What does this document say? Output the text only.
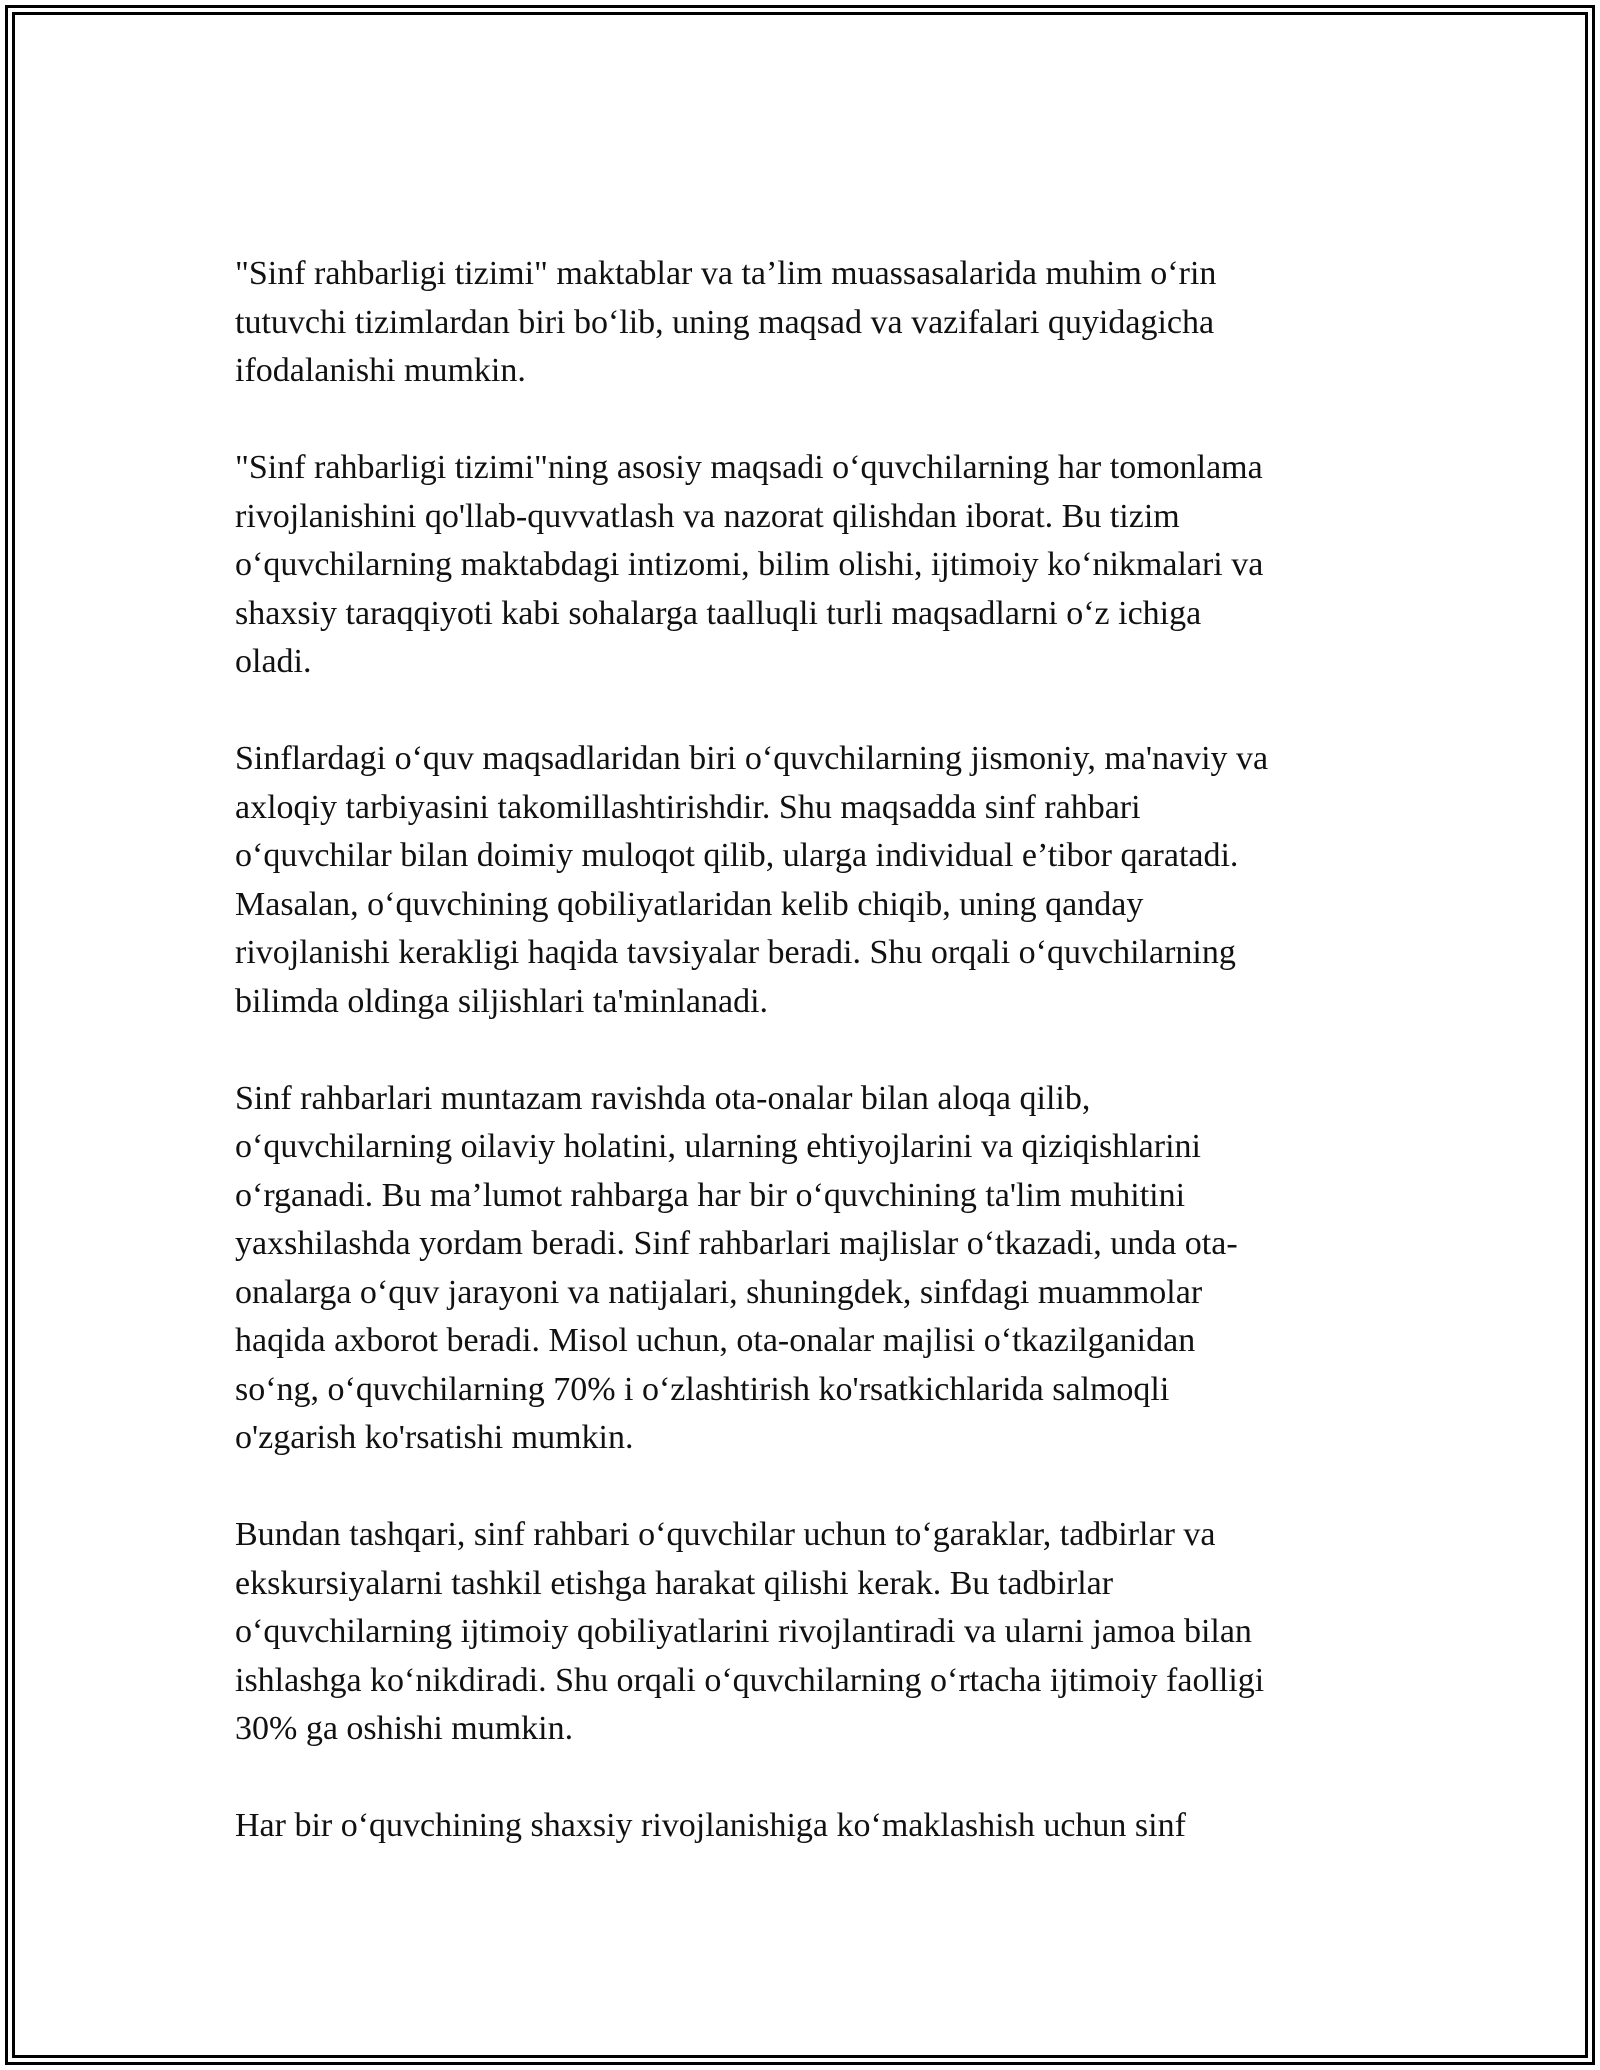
"Sinf rahbarligi tizimi" maktablar va ta’lim muassasalarida muhim o‘rin
tutuvchi tizimlardan biri bo‘lib, uning maqsad va vazifalari quyidagicha
ifodalanishi mumkin.

"Sinf rahbarligi tizimi"ning asosiy maqsadi o‘quvchilarning har tomonlama
rivojlanishini qo'llab-quvvatlash va nazorat qilishdan iborat. Bu tizim
o‘quvchilarning maktabdagi intizomi, bilim olishi, ijtimoiy ko‘nikmalari va
shaxsiy taraqqiyoti kabi sohalarga taalluqli turli maqsadlarni o‘z ichiga
oladi.

Sinflardagi o‘quv maqsadlaridan biri o‘quvchilarning jismoniy, ma'naviy va
axloqiy tarbiyasini takomillashtirishdir. Shu maqsadda sinf rahbari
o‘quvchilar bilan doimiy muloqot qilib, ularga individual e’tibor qaratadi.
Masalan, o‘quvchining qobiliyatlaridan kelib chiqib, uning qanday
rivojlanishi kerakligi haqida tavsiyalar beradi. Shu orqali o‘quvchilarning
bilimda oldinga siljishlari ta'minlanadi.

Sinf rahbarlari muntazam ravishda ota-onalar bilan aloqa qilib,
o‘quvchilarning oilaviy holatini, ularning ehtiyojlarini va qiziqishlarini
o‘rganadi. Bu ma’lumot rahbarga har bir o‘quvchining ta'lim muhitini
yaxshilashda yordam beradi. Sinf rahbarlari majlislar o‘tkazadi, unda ota-
onalarga o‘quv jarayoni va natijalari, shuningdek, sinfdagi muammolar
haqida axborot beradi. Misol uchun, ota-onalar majlisi o‘tkazilganidan
so‘ng, o‘quvchilarning 70% i o‘zlashtirish ko'rsatkichlarida salmoqli
o'zgarish ko'rsatishi mumkin.

Bundan tashqari, sinf rahbari o‘quvchilar uchun to‘garaklar, tadbirlar va
ekskursiyalarni tashkil etishga harakat qilishi kerak. Bu tadbirlar
o‘quvchilarning ijtimoiy qobiliyatlarini rivojlantiradi va ularni jamoa bilan
ishlashga ko‘nikdiradi. Shu orqali o‘quvchilarning o‘rtacha ijtimoiy faolligi
30% ga oshishi mumkin.

Har bir o‘quvchining shaxsiy rivojlanishiga ko‘maklashish uchun sinf
